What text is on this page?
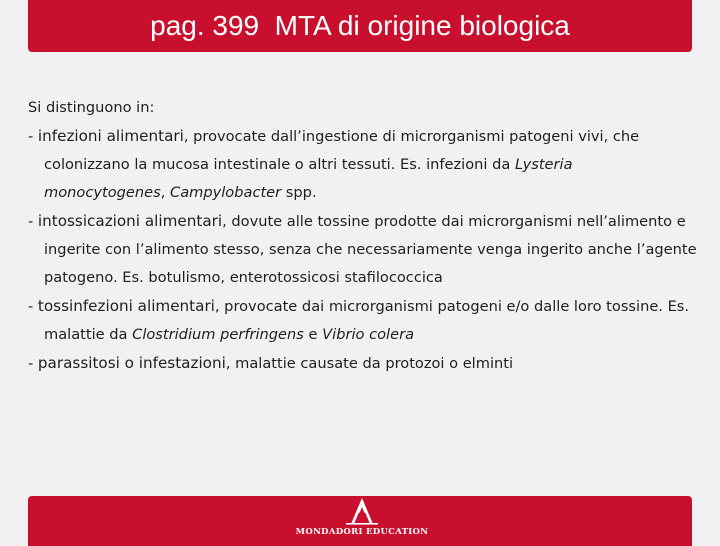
pag. 399  MTA di origine biologica

Si distinguono in:

- infezioni alimentari, provocate dall’ingestione di microrganismi patogeni vivi, che colonizzano la mucosa intestinale o altri tessuti. Es. infezioni da Lysteria monocytogenes, Campylobacter spp.
- intossicazioni alimentari, dovute alle tossine prodotte dai microrganismi nell’alimento e ingerite con l’alimento stesso, senza che necessariamente venga ingerito anche l’agente patogeno. Es. botulismo, enterotossicosi stafilococcica
- tossinfezioni alimentari, provocate dai microrganismi patogeni e/o dalle loro tossine. Es. malattie da Clostridium perfringens e Vibrio colera
- parassitosi o infestazioni, malattie causate da protozoi o elminti
MONDADORI EDUCATION
